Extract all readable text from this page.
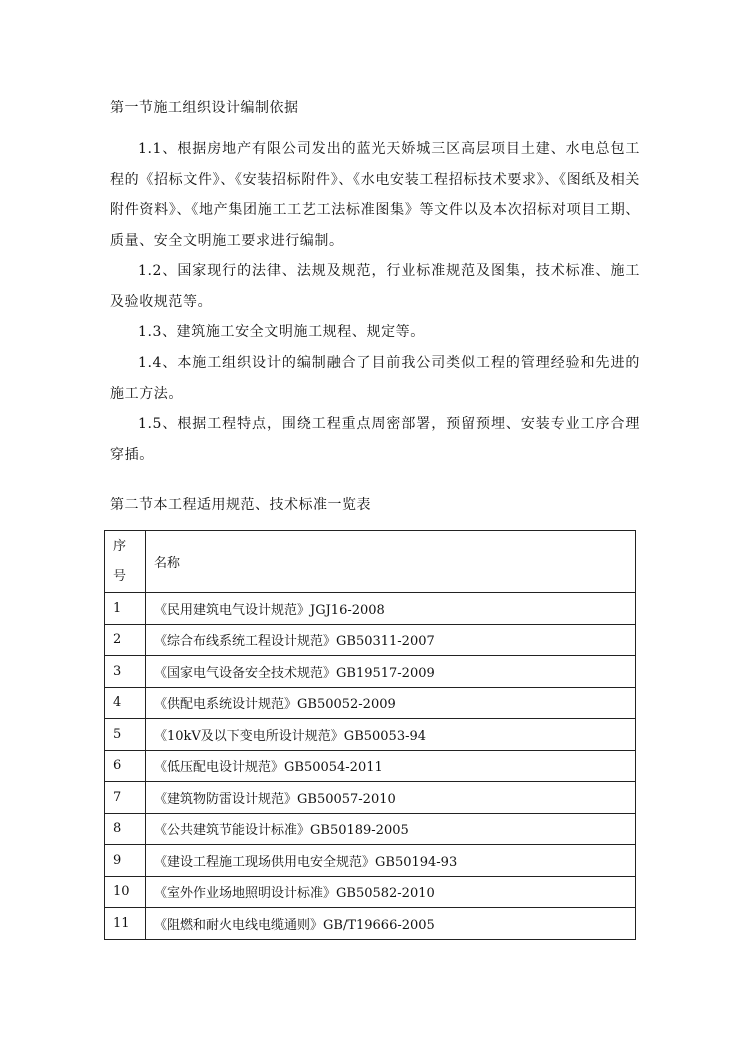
第一节施工组织设计编制依据
1.1、根据房地产有限公司发出的蓝光天娇城三区高层项目土建、水电总包工程的《招标文件》、《安装招标附件》、《水电安装工程招标技术要求》、《图纸及相关附件资料》、《地产集团施工工艺工法标准图集》等文件以及本次招标对项目工期、质量、安全文明施工要求进行编制。
1.2、国家现行的法律、法规及规范，行业标准规范及图集，技术标准、施工及验收规范等。
1.3、建筑施工安全文明施工规程、规定等。
1.4、本施工组织设计的编制融合了目前我公司类似工程的管理经验和先进的施工方法。
1.5、根据工程特点，围绕工程重点周密部署，预留预埋、安装专业工序合理穿插。
第二节本工程适用规范、技术标准一览表
序号	名称
1	《民用建筑电气设计规范》JGJ16-2008
2	《综合布线系统工程设计规范》GB50311-2007
3	《国家电气设备安全技术规范》GB19517-2009
4	《供配电系统设计规范》GB50052-2009
5	《10kV及以下变电所设计规范》GB50053-94
6	《低压配电设计规范》GB50054-2011
7	《建筑物防雷设计规范》GB50057-2010
8	《公共建筑节能设计标准》GB50189-2005
9	《建设工程施工现场供用电安全规范》GB50194-93
10	《室外作业场地照明设计标准》GB50582-2010
11	《阻燃和耐火电线电缆通则》GB/T19666-2005
